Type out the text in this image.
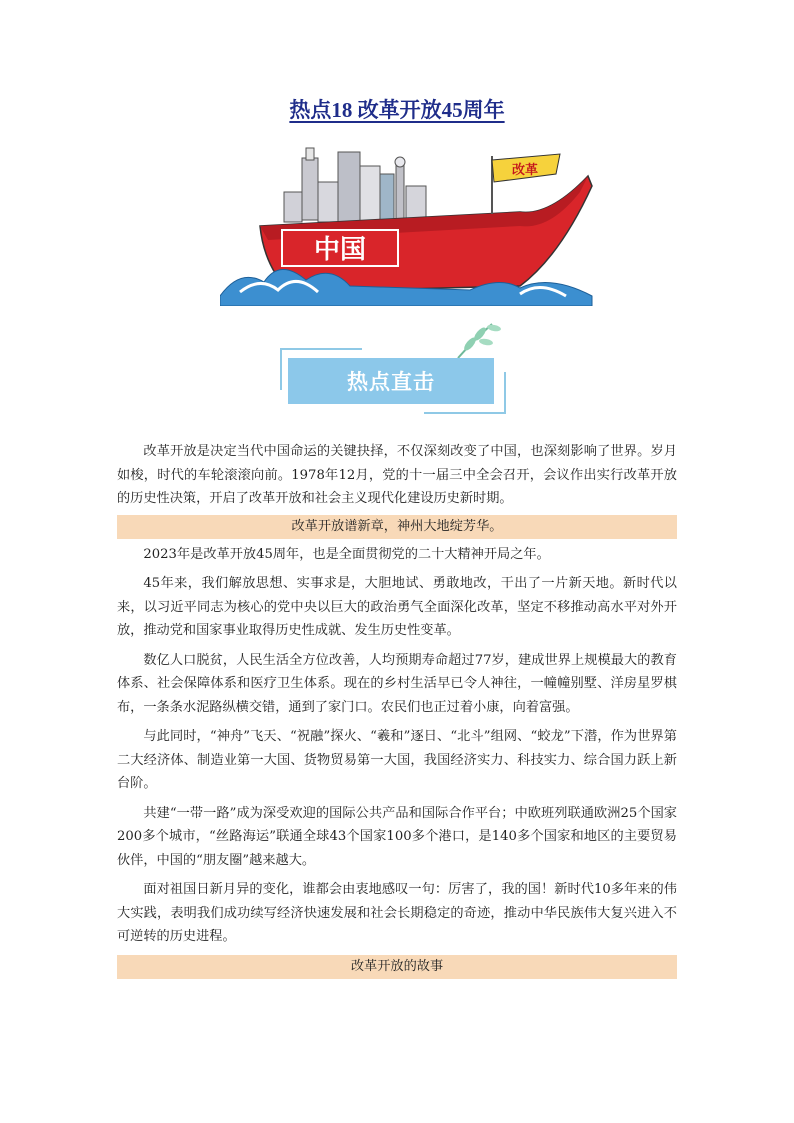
热点18 改革开放45周年
中国
改革
热点直击

改革开放是决定当代中国命运的关键抉择，不仅深刻改变了中国，也深刻影响了世界。岁月如梭，时代的车轮滚滚向前。1978年12月，党的十一届三中全会召开，会议作出实行改革开放的历史性决策，开启了改革开放和社会主义现代化建设历史新时期。

改革开放谱新章，神州大地绽芳华。

2023年是改革开放45周年，也是全面贯彻党的二十大精神开局之年。

45年来，我们解放思想、实事求是，大胆地试、勇敢地改，干出了一片新天地。新时代以来，以习近平同志为核心的党中央以巨大的政治勇气全面深化改革，坚定不移推动高水平对外开放，推动党和国家事业取得历史性成就、发生历史性变革。

数亿人口脱贫，人民生活全方位改善，人均预期寿命超过77岁，建成世界上规模最大的教育体系、社会保障体系和医疗卫生体系。现在的乡村生活早已令人神往，一幢幢别墅、洋房星罗棋布，一条条水泥路纵横交错，通到了家门口。农民们也正过着小康，向着富强。

与此同时，“神舟”飞天、“祝融”探火、“羲和”逐日、“北斗”组网、“蛟龙”下潜，作为世界第二大经济体、制造业第一大国、货物贸易第一大国，我国经济实力、科技实力、综合国力跃上新台阶。

共建“一带一路”成为深受欢迎的国际公共产品和国际合作平台；中欧班列联通欧洲25个国家200多个城市，“丝路海运”联通全球43个国家100多个港口，是140多个国家和地区的主要贸易伙伴，中国的“朋友圈”越来越大。

面对祖国日新月异的变化，谁都会由衷地感叹一句：厉害了，我的国！新时代10多年来的伟大实践，表明我们成功续写经济快速发展和社会长期稳定的奇迹，推动中华民族伟大复兴进入不可逆转的历史进程。

改革开放的故事
